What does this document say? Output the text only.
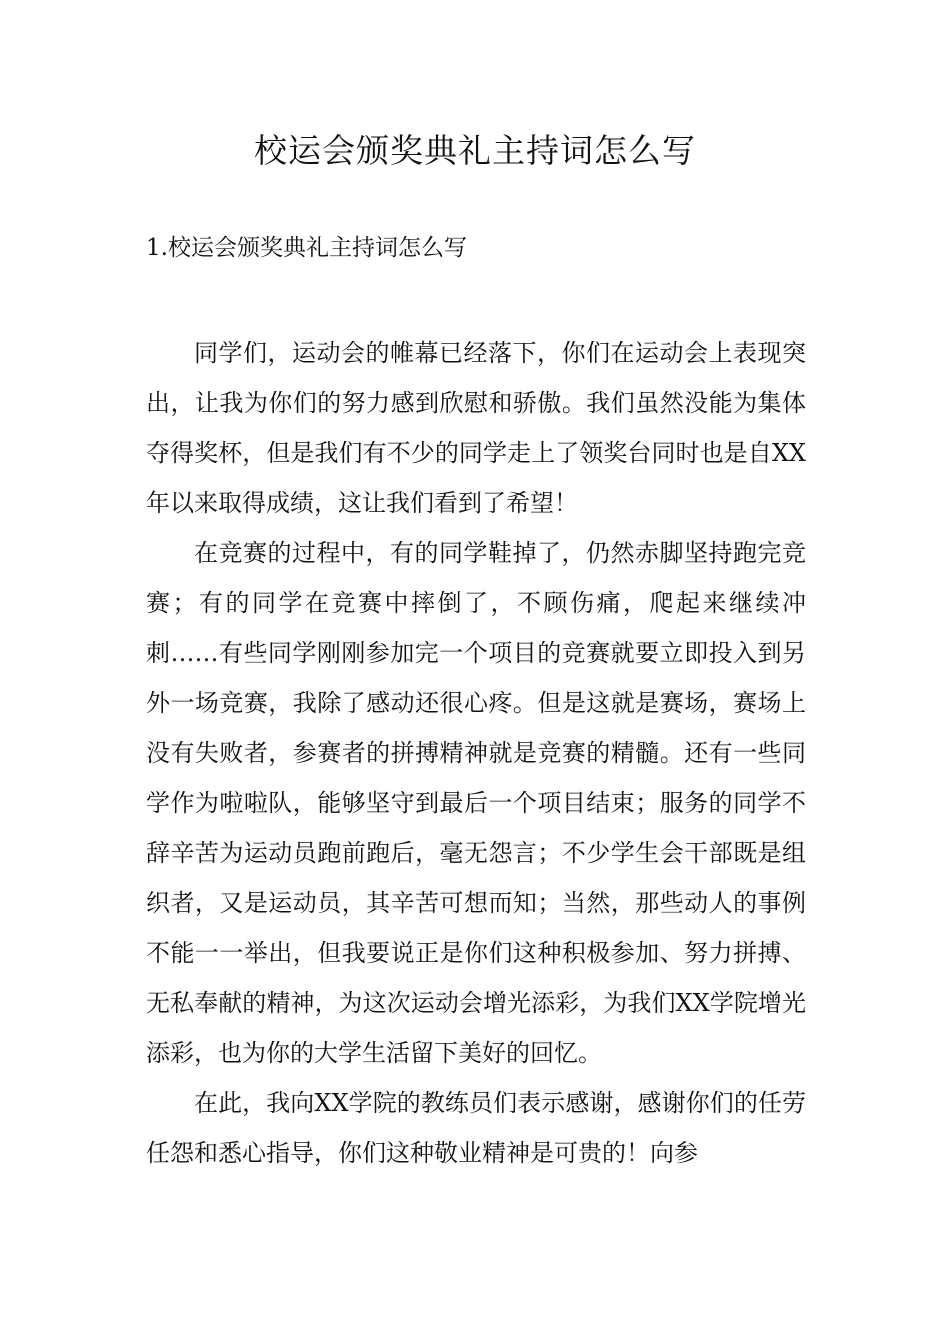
校运会颁奖典礼主持词怎么写
1.校运会颁奖典礼主持词怎么写

同学们，运动会的帷幕已经落下，你们在运动会上表现突出，让我为你们的努力感到欣慰和骄傲。我们虽然没能为集体夺得奖杯，但是我们有不少的同学走上了领奖台同时也是自XX年以来取得成绩，这让我们看到了希望！

在竞赛的过程中，有的同学鞋掉了，仍然赤脚坚持跑完竞赛；有的同学在竞赛中摔倒了，不顾伤痛，爬起来继续冲刺……有些同学刚刚参加完一个项目的竞赛就要立即投入到另外一场竞赛，我除了感动还很心疼。但是这就是赛场，赛场上没有失败者，参赛者的拼搏精神就是竞赛的精髓。还有一些同学作为啦啦队，能够坚守到最后一个项目结束；服务的同学不辞辛苦为运动员跑前跑后，毫无怨言；不少学生会干部既是组织者，又是运动员，其辛苦可想而知；当然，那些动人的事例不能一一举出，但我要说正是你们这种积极参加、努力拼搏、无私奉献的精神，为这次运动会增光添彩，为我们XX学院增光添彩，也为你的大学生活留下美好的回忆。

在此，我向XX学院的教练员们表示感谢，感谢你们的任劳任怨和悉心指导，你们这种敬业精神是可贵的！向参
